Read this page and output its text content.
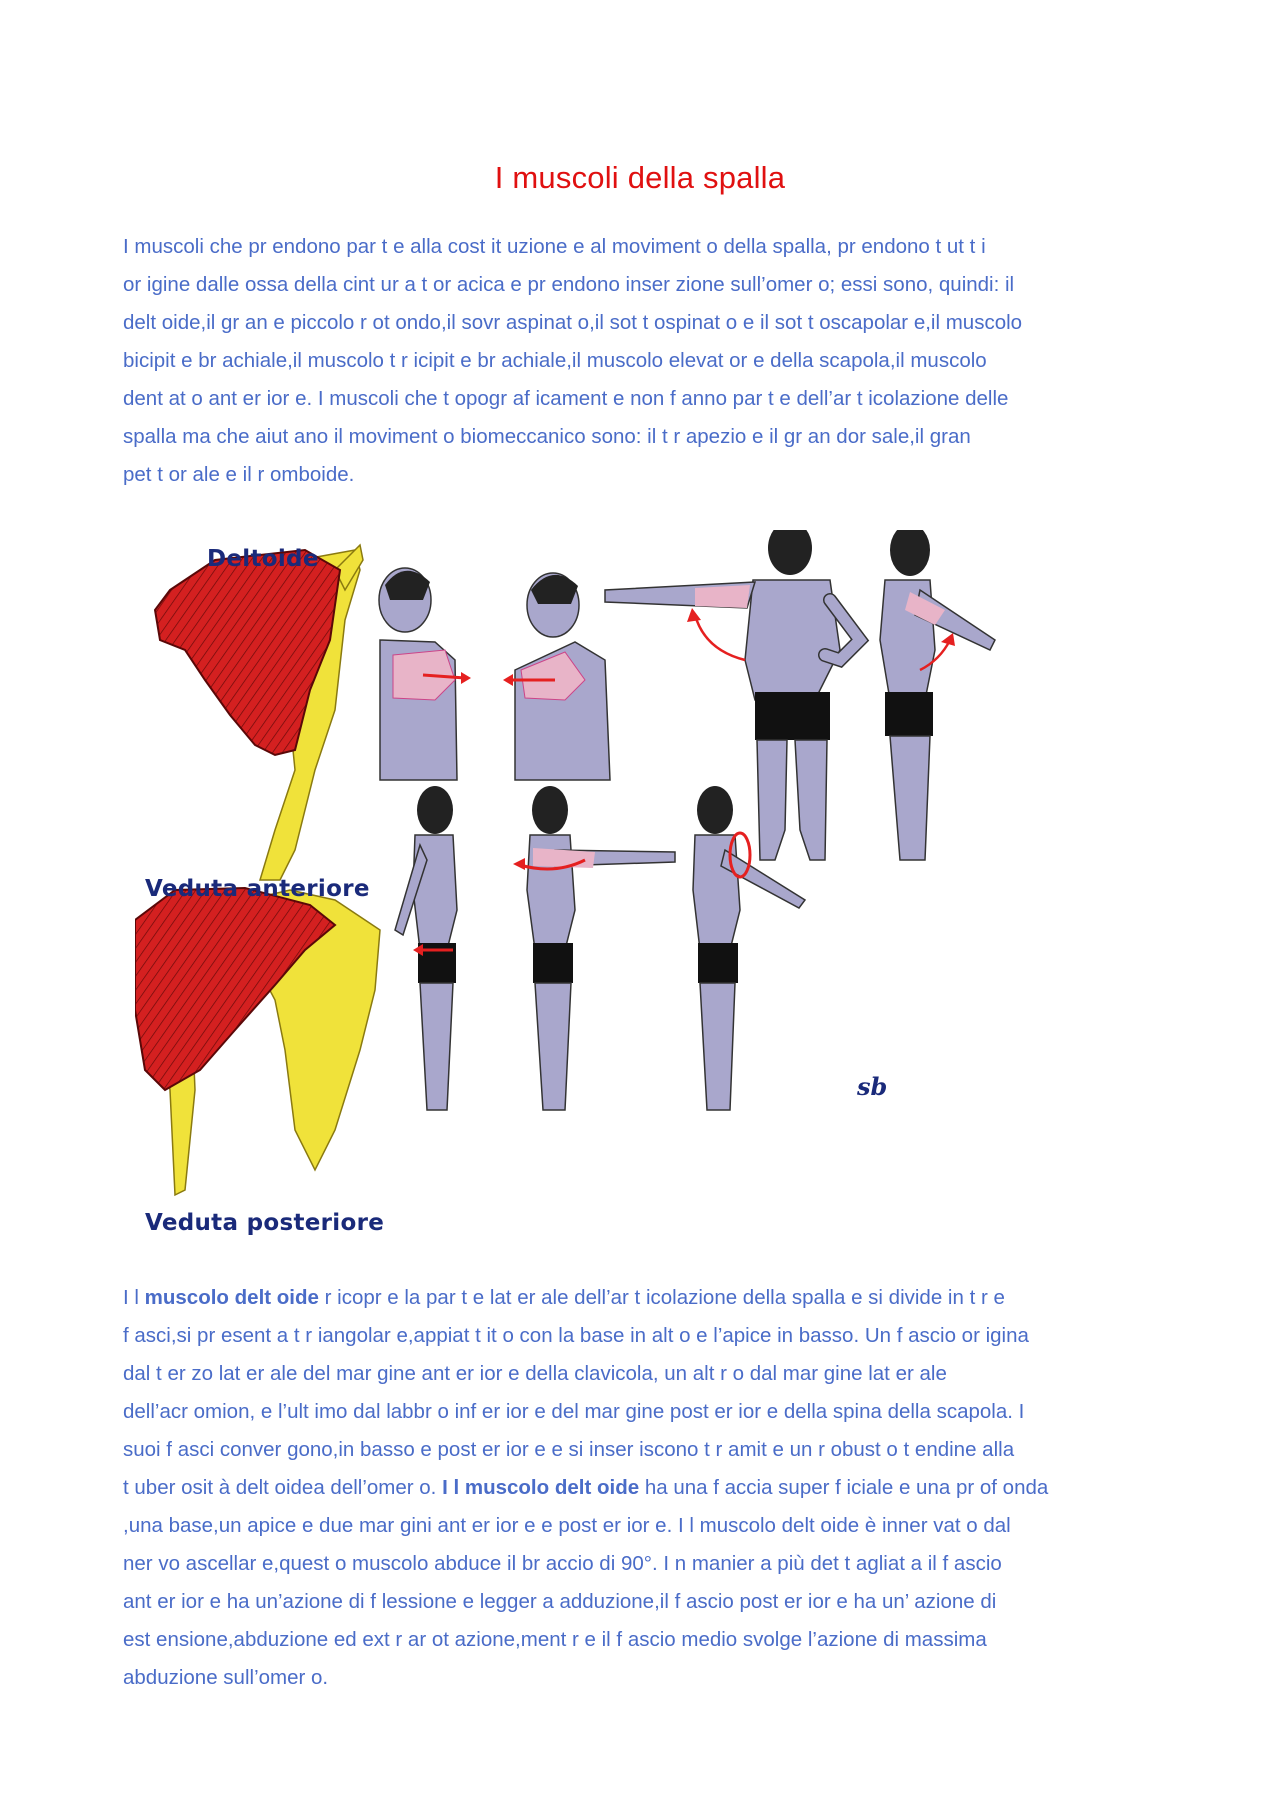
I muscoli della spalla
I muscoli che pr endono par t e alla cost it uzione e al moviment o della spalla, pr endono t ut t i
or igine dalle ossa della cint ur a t or acica e pr endono inser zione sull’omer o; essi sono, quindi: il
delt oide,il gr an e piccolo r ot ondo,il sovr aspinat o,il sot t ospinat o e il sot t oscapolar e,il muscolo
bicipit e br achiale,il muscolo t r icipit e br achiale,il muscolo elevat or e della scapola,il muscolo
dent at o ant er ior e. I muscoli che t opogr af icament e non f anno par t e dell’ar t icolazione delle
spalla ma che aiut ano il moviment o biomeccanico sono: il t r apezio e il gr an dor sale,il gran
pet t or ale e il r omboide.
sb
Deltoide
Veduta anteriore
Veduta posteriore
I l muscolo delt oide r icopr e la par t e lat er ale dell’ar t icolazione della spalla e si divide in t r e
f asci,si pr esent a t r iangolar e,appiat t it o con la base in alt o e l’apice in basso. Un f ascio or igina
dal t er zo lat er ale del mar gine ant er ior e della clavicola, un alt r o dal mar gine lat er ale
dell’acr omion, e l’ult imo dal labbr o inf er ior e del mar gine post er ior e della spina della scapola. I
suoi f asci conver gono,in basso e post er ior e e si inser iscono t r amit e un r obust o t endine alla
t uber osit à delt oidea dell’omer o. I l muscolo delt oide ha una f accia super f iciale e una pr of onda
,una base,un apice e due mar gini ant er ior e e post er ior e. I l muscolo delt oide è inner vat o dal
ner vo ascellar e,quest o muscolo abduce il br accio di 90°. I n manier a più det t agliat a il f ascio
ant er ior e ha un’azione di f lessione e legger a adduzione,il f ascio post er ior e ha un’ azione di
est ensione,abduzione ed ext r ar ot azione,ment r e il f ascio medio svolge l’azione di massima
abduzione sull’omer o.
